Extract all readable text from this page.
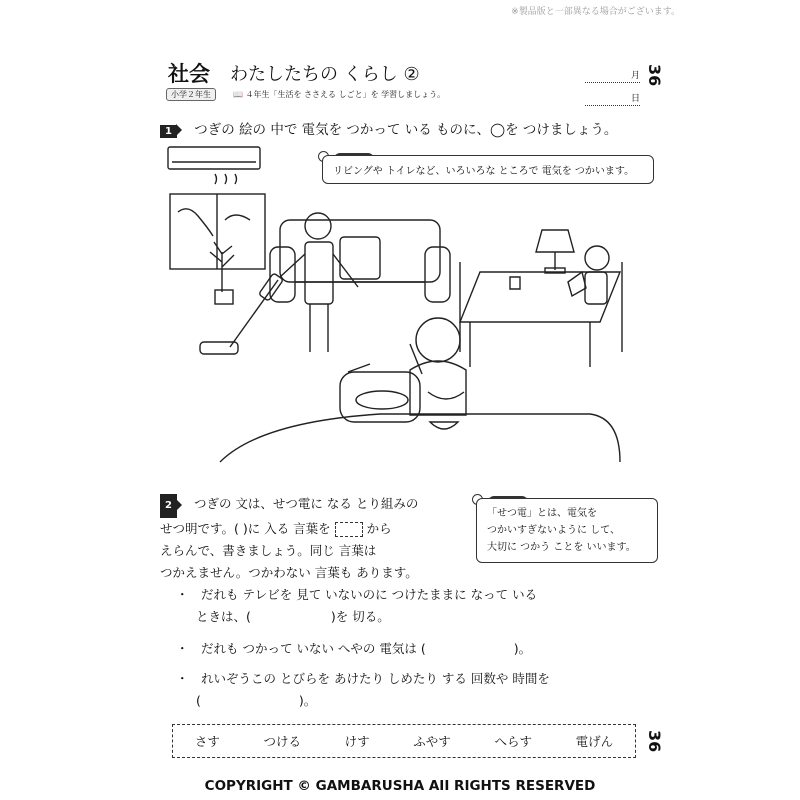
※製品版と一部異なる場合がございます。
社会 わたしたちの くらし ②
小学２年生	📖 ４年生「生活を ささえる しごと」を 学習しましょう。
月
日
36
1 つぎの 絵の 中で 電気を つかって いる ものに、◯を つけましょう。

リビングや トイレなど、いろいろな ところで 電気を つかいます。
2 つぎの 文は、せつ電に なる とり組みの
せつ明です。( )に 入る 言葉を	から
えらんで、書きましょう。同じ 言葉は
つかえません。つかわない 言葉も あります。

「せつ電」とは、電気を
つかいすぎないように して、
大切に つかう ことを いいます。
・　だれも テレビを 見て いないのに つけたままに なって いる
ときは、(	)を 切る。
・　だれも つかって いない へやの 電気は (	)。
・　れいぞうこの とびらを あけたり しめたり する 回数や 時間を
(	)。
さす	つける	けす	ふやす	へらす	電げん 36
COPYRIGHT © GAMBARUSHA AII RIGHTS RESERVED
